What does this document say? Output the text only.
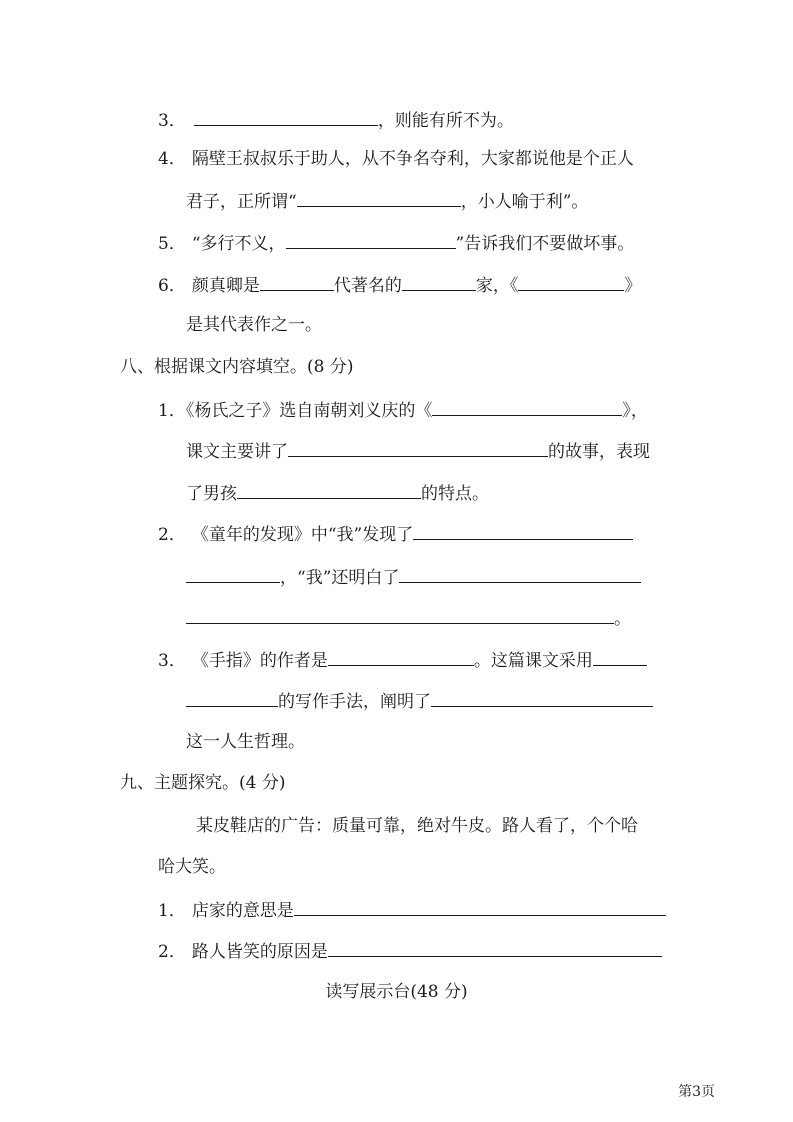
3．	，则能有所不为。
4． 隔壁王叔叔乐于助人，从不争名夺利，大家都说他是个正人
君子，正所谓“	，小人喻于利”。
5． “多行不义，	”告诉我们不要做坏事。
6． 颜真卿是	代著名的	家，《	》
是其代表作之一。
八、根据课文内容填空。(8 分)
1．《杨氏之子》选自南朝刘义庆的《	》，
课文主要讲了	的故事，表现
了男孩	的特点。
2． 《童年的发现》中“我”发现了
，“我”还明白了
。
3． 《手指》的作者是	。这篇课文采用
的写作手法，阐明了
这一人生哲理。
九、主题探究。(4 分)
某皮鞋店的广告：质量可靠，绝对牛皮。路人看了，个个哈
哈大笑。
1． 店家的意思是
2． 路人皆笑的原因是
读写展示台(48 分)
第3页
